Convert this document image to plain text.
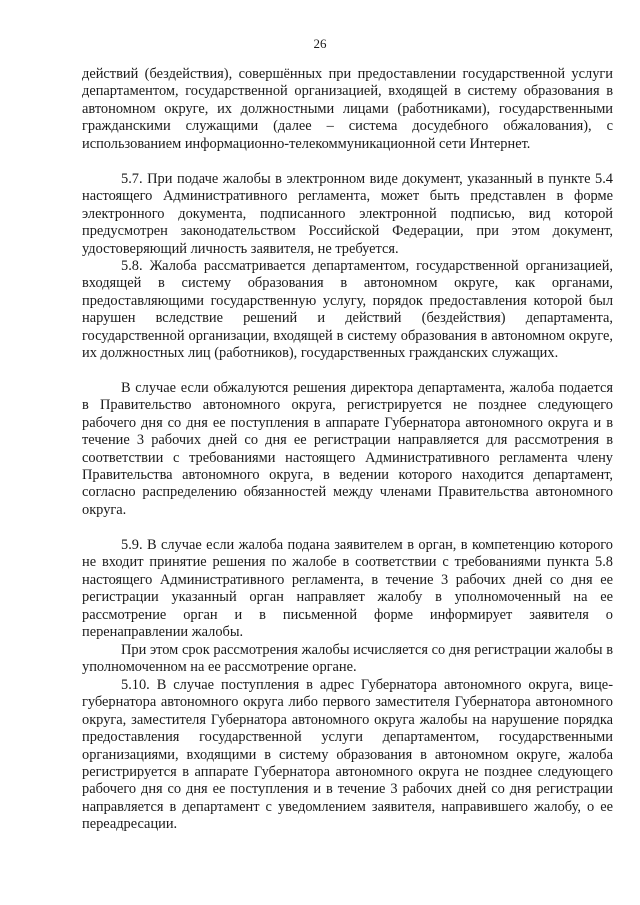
26

действий (бездействия), совершённых при предоставлении государственной услуги департаментом, государственной организацией, входящей в систему образования в автономном округе, их должностными лицами (работниками), государственными гражданскими служащими (далее – система досудебного обжалования), с использованием информационно-телекоммуникационной сети Интернет.

5.7. При подаче жалобы в электронном виде документ, указанный в пункте 5.4 настоящего Административного регламента, может быть представлен в форме электронного документа, подписанного электронной подписью, вид которой предусмотрен законодательством Российской Федерации, при этом документ, удостоверяющий личность заявителя, не требуется.

5.8. Жалоба рассматривается департаментом, государственной организацией, входящей в систему образования в автономном округе, как органами, предоставляющими государственную услугу, порядок предоставления которой был нарушен вследствие решений и действий (бездействия) департамента, государственной организации, входящей в систему образования в автономном округе, их должностных лиц (работников), государственных гражданских служащих.

В случае если обжалуются решения директора департамента, жалоба подается в Правительство автономного округа, регистрируется не позднее следующего рабочего дня со дня ее поступления в аппарате Губернатора автономного округа и в течение 3 рабочих дней со дня ее регистрации направляется для рассмотрения в соответствии с требованиями настоящего Административного регламента члену Правительства автономного округа, в ведении которого находится департамент, согласно распределению обязанностей между членами Правительства автономного округа.

5.9. В случае если жалоба подана заявителем в орган, в компетенцию которого не входит принятие решения по жалобе в соответствии с требованиями пункта 5.8 настоящего Административного регламента, в течение 3 рабочих дней со дня ее регистрации указанный орган направляет жалобу в уполномоченный на ее рассмотрение орган и в письменной форме информирует заявителя о перенаправлении жалобы.

При этом срок рассмотрения жалобы исчисляется со дня регистрации жалобы в уполномоченном на ее рассмотрение органе.

5.10. В случае поступления в адрес Губернатора автономного округа, вице-губернатора автономного округа либо первого заместителя Губернатора автономного округа, заместителя Губернатора автономного округа жалобы на нарушение порядка предоставления государственной услуги департаментом, государственными организациями, входящими в систему образования в автономном округе, жалоба регистрируется в аппарате Губернатора автономного округа не позднее следующего рабочего дня со дня ее поступления и в течение 3 рабочих дней со дня регистрации направляется в департамент с уведомлением заявителя, направившего жалобу, о ее переадресации.
